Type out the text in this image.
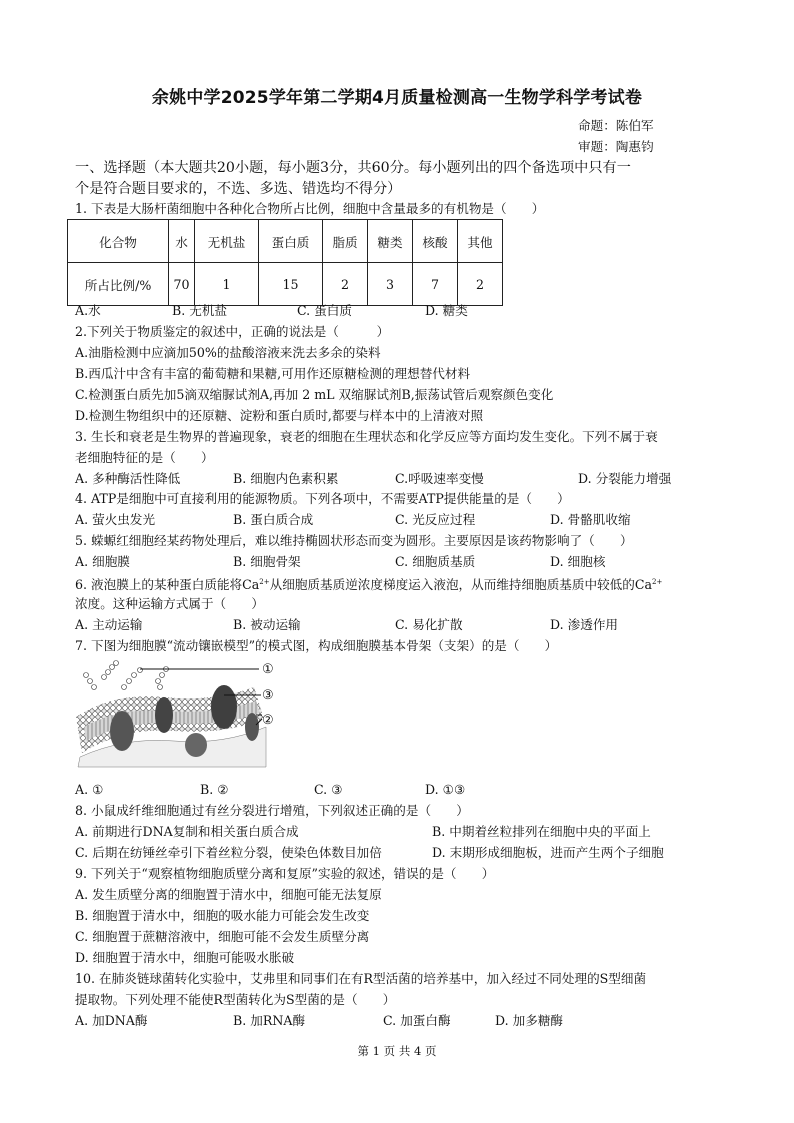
余姚中学2025学年第二学期4月质量检测高一生物学科学考试卷
命题：陈伯军
审题：陶惠钧
一、选择题（本大题共20小题，每小题3分，共60分。每小题列出的四个备选项中只有一
个是符合题目要求的，不选、多选、错选均不得分）
1. 下表是大肠杆菌细胞中各种化合物所占比例，细胞中含量最多的有机物是（　　）
化合物	水	无机盐	蛋白质	脂质	糖类	核酸	其他
所占比例/%	70	1	15	2	3	7	2
A.水	B. 无机盐	C. 蛋白质	D. 糖类
2.下列关于物质鉴定的叙述中，正确的说法是（　　　）
A.油脂检测中应滴加50%的盐酸溶液来洗去多余的染料
B.西瓜汁中含有丰富的葡萄糖和果糖,可用作还原糖检测的理想替代材料
C.检测蛋白质先加5滴双缩脲试剂A,再加 2 mL 双缩脲试剂B,振荡试管后观察颜色变化
D.检测生物组织中的还原糖、淀粉和蛋白质时,都要与样本中的上清液对照
3. 生长和衰老是生物界的普遍现象，衰老的细胞在生理状态和化学反应等方面均发生变化。下列不属于衰
老细胞特征的是（　　）
A. 多种酶活性降低	B. 细胞内色素积累	C.呼吸速率变慢	D. 分裂能力增强
4. ATP是细胞中可直接利用的能源物质。下列各项中，不需要ATP提供能量的是（　　）
A. 萤火虫发光	B. 蛋白质合成	C. 光反应过程	D. 骨骼肌收缩
5. 蝾螈红细胞经某药物处理后，难以维持椭圆状形态而变为圆形。主要原因是该药物影响了（　　）
A. 细胞膜	B. 细胞骨架	C. 细胞质基质	D. 细胞核
6. 液泡膜上的某种蛋白质能将$Ca^{2+}$从细胞质基质逆浓度梯度运入液泡，从而维持细胞质基质中较低的$Ca^{2+}$
浓度。这种运输方式属于（　　）
A. 主动运输	B. 被动运输	C. 易化扩散	D. 渗透作用
7. 下图为细胞膜“流动镶嵌模型”的模式图，构成细胞膜基本骨架（支架）的是（　　）
①
③
②
A. ①	B. ②	C. ③	D. ①③
8. 小鼠成纤维细胞通过有丝分裂进行增殖，下列叙述正确的是（　　）
A. 前期进行DNA复制和相关蛋白质合成	B. 中期着丝粒排列在细胞中央的平面上
C. 后期在纺锤丝牵引下着丝粒分裂，使染色体数目加倍	D. 末期形成细胞板，进而产生两个子细胞
9. 下列关于“观察植物细胞质壁分离和复原”实验的叙述，错误的是（　　）
A. 发生质壁分离的细胞置于清水中，细胞可能无法复原
B. 细胞置于清水中，细胞的吸水能力可能会发生改变
C. 细胞置于蔗糖溶液中，细胞可能不会发生质壁分离
D. 细胞置于清水中，细胞可能吸水胀破
10. 在肺炎链球菌转化实验中，艾弗里和同事们在有R型活菌的培养基中，加入经过不同处理的S型细菌
提取物。下列处理不能使R型菌转化为S型菌的是（　　）
A. 加DNA酶	B. 加RNA酶	C. 加蛋白酶	D. 加多糖酶
第 1 页 共 4 页
